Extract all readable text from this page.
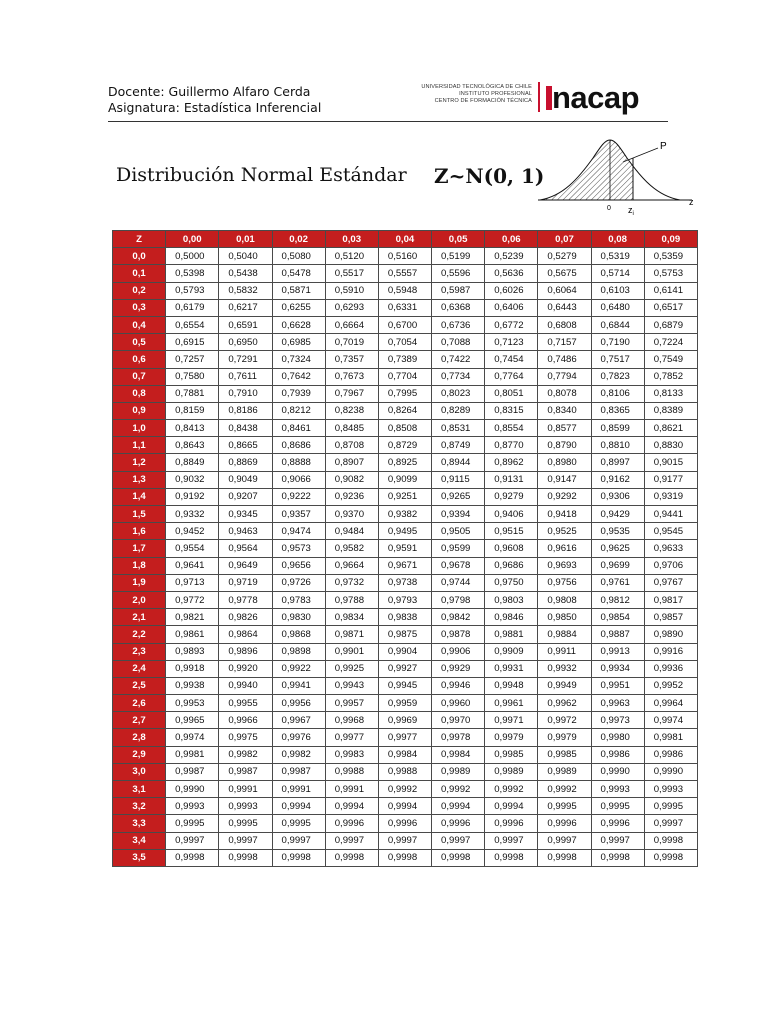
Docente: Guillermo Alfaro Cerda
Asignatura: Estadística Inferencial
UNIVERSIDAD TECNOLÓGICA DE CHILE
INSTITUTO PROFESIONAL
CENTRO DE FORMACIÓN TÉCNICA nacap
Distribución Normal Estándar Z~N(0, 1)
P
0 $z_i$
z
Z	0,00	0,01	0,02	0,03	0,04	0,05	0,06	0,07	0,08	0,09
0,0	0,5000	0,5040	0,5080	0,5120	0,5160	0,5199	0,5239	0,5279	0,5319	0,5359
0,1	0,5398	0,5438	0,5478	0,5517	0,5557	0,5596	0,5636	0,5675	0,5714	0,5753
0,2	0,5793	0,5832	0,5871	0,5910	0,5948	0,5987	0,6026	0,6064	0,6103	0,6141
0,3	0,6179	0,6217	0,6255	0,6293	0,6331	0,6368	0,6406	0,6443	0,6480	0,6517
0,4	0,6554	0,6591	0,6628	0,6664	0,6700	0,6736	0,6772	0,6808	0,6844	0,6879
0,5	0,6915	0,6950	0,6985	0,7019	0,7054	0,7088	0,7123	0,7157	0,7190	0,7224
0,6	0,7257	0,7291	0,7324	0,7357	0,7389	0,7422	0,7454	0,7486	0,7517	0,7549
0,7	0,7580	0,7611	0,7642	0,7673	0,7704	0,7734	0,7764	0,7794	0,7823	0,7852
0,8	0,7881	0,7910	0,7939	0,7967	0,7995	0,8023	0,8051	0,8078	0,8106	0,8133
0,9	0,8159	0,8186	0,8212	0,8238	0,8264	0,8289	0,8315	0,8340	0,8365	0,8389
1,0	0,8413	0,8438	0,8461	0,8485	0,8508	0,8531	0,8554	0,8577	0,8599	0,8621
1,1	0,8643	0,8665	0,8686	0,8708	0,8729	0,8749	0,8770	0,8790	0,8810	0,8830
1,2	0,8849	0,8869	0,8888	0,8907	0,8925	0,8944	0,8962	0,8980	0,8997	0,9015
1,3	0,9032	0,9049	0,9066	0,9082	0,9099	0,9115	0,9131	0,9147	0,9162	0,9177
1,4	0,9192	0,9207	0,9222	0,9236	0,9251	0,9265	0,9279	0,9292	0,9306	0,9319
1,5	0,9332	0,9345	0,9357	0,9370	0,9382	0,9394	0,9406	0,9418	0,9429	0,9441
1,6	0,9452	0,9463	0,9474	0,9484	0,9495	0,9505	0,9515	0,9525	0,9535	0,9545
1,7	0,9554	0,9564	0,9573	0,9582	0,9591	0,9599	0,9608	0,9616	0,9625	0,9633
1,8	0,9641	0,9649	0,9656	0,9664	0,9671	0,9678	0,9686	0,9693	0,9699	0,9706
1,9	0,9713	0,9719	0,9726	0,9732	0,9738	0,9744	0,9750	0,9756	0,9761	0,9767
2,0	0,9772	0,9778	0,9783	0,9788	0,9793	0,9798	0,9803	0,9808	0,9812	0,9817
2,1	0,9821	0,9826	0,9830	0,9834	0,9838	0,9842	0,9846	0,9850	0,9854	0,9857
2,2	0,9861	0,9864	0,9868	0,9871	0,9875	0,9878	0,9881	0,9884	0,9887	0,9890
2,3	0,9893	0,9896	0,9898	0,9901	0,9904	0,9906	0,9909	0,9911	0,9913	0,9916
2,4	0,9918	0,9920	0,9922	0,9925	0,9927	0,9929	0,9931	0,9932	0,9934	0,9936
2,5	0,9938	0,9940	0,9941	0,9943	0,9945	0,9946	0,9948	0,9949	0,9951	0,9952
2,6	0,9953	0,9955	0,9956	0,9957	0,9959	0,9960	0,9961	0,9962	0,9963	0,9964
2,7	0,9965	0,9966	0,9967	0,9968	0,9969	0,9970	0,9971	0,9972	0,9973	0,9974
2,8	0,9974	0,9975	0,9976	0,9977	0,9977	0,9978	0,9979	0,9979	0,9980	0,9981
2,9	0,9981	0,9982	0,9982	0,9983	0,9984	0,9984	0,9985	0,9985	0,9986	0,9986
3,0	0,9987	0,9987	0,9987	0,9988	0,9988	0,9989	0,9989	0,9989	0,9990	0,9990
3,1	0,9990	0,9991	0,9991	0,9991	0,9992	0,9992	0,9992	0,9992	0,9993	0,9993
3,2	0,9993	0,9993	0,9994	0,9994	0,9994	0,9994	0,9994	0,9995	0,9995	0,9995
3,3	0,9995	0,9995	0,9995	0,9996	0,9996	0,9996	0,9996	0,9996	0,9996	0,9997
3,4	0,9997	0,9997	0,9997	0,9997	0,9997	0,9997	0,9997	0,9997	0,9997	0,9998
3,5	0,9998	0,9998	0,9998	0,9998	0,9998	0,9998	0,9998	0,9998	0,9998	0,9998
